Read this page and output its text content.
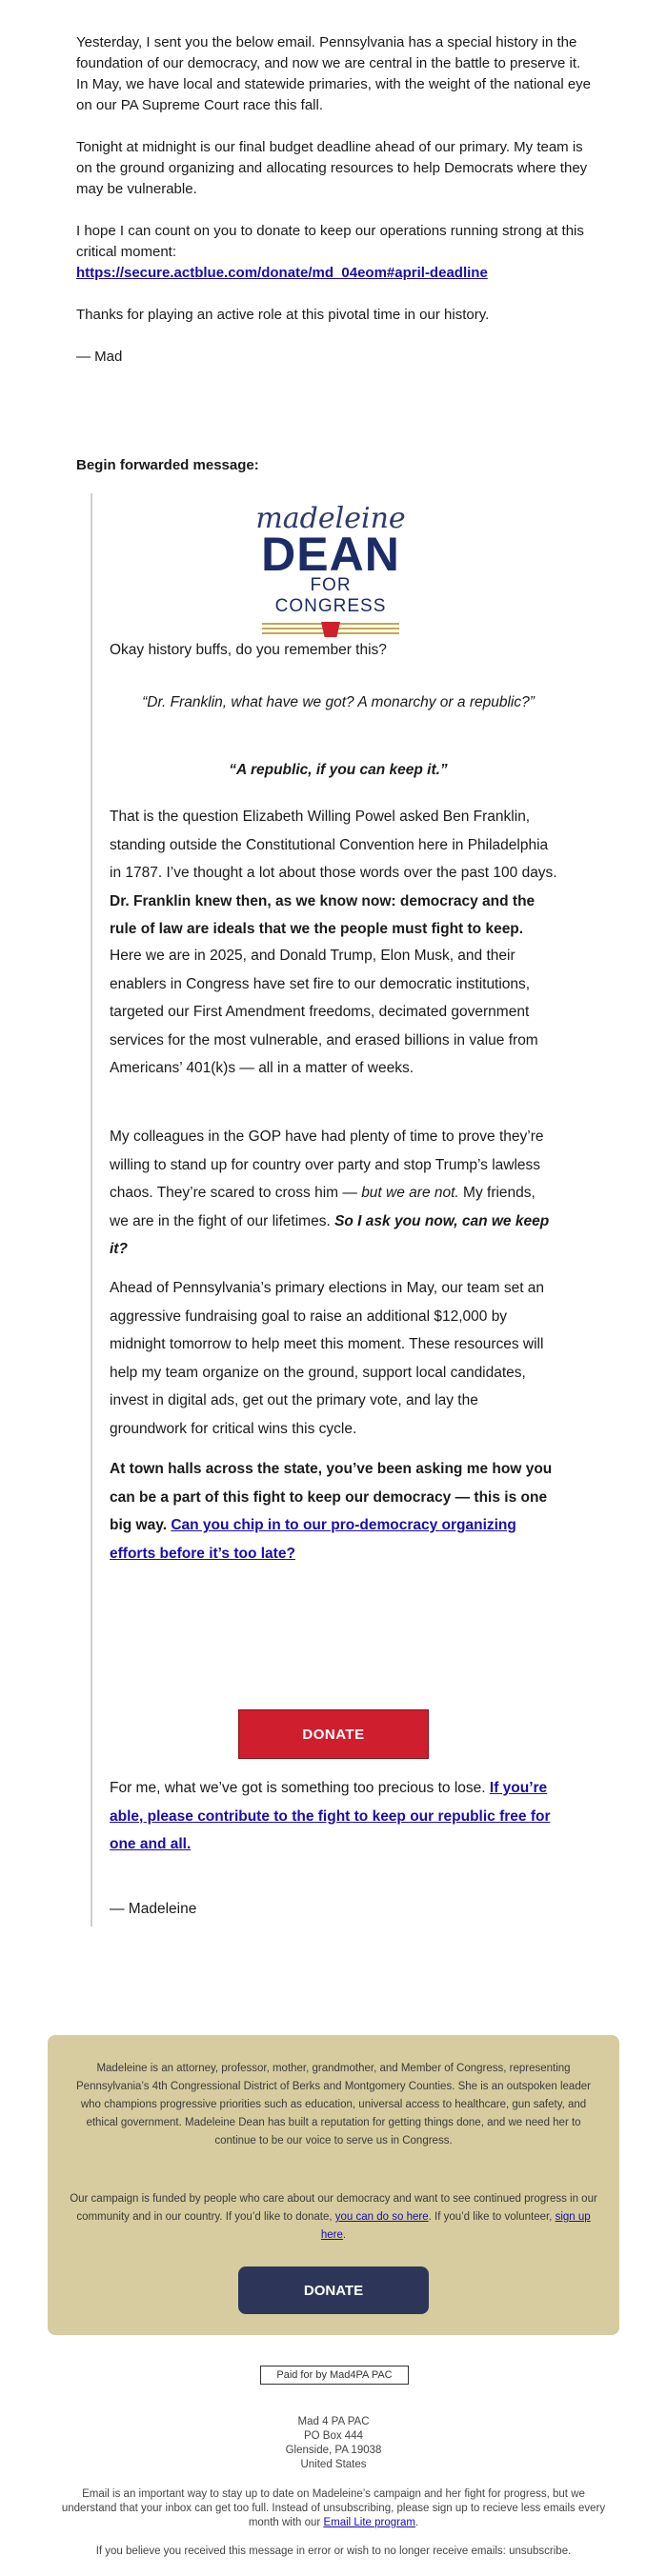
Yesterday, I sent you the below email. Pennsylvania has a special history in the foundation of our democracy, and now we are central in the battle to preserve it. In May, we have local and statewide primaries, with the weight of the national eye on our PA Supreme Court race this fall.

Tonight at midnight is our final budget deadline ahead of our primary. My team is on the ground organizing and allocating resources to help Democrats where they may be vulnerable.

I hope I can count on you to donate to keep our operations running strong at this critical moment:
https://secure.actblue.com/donate/md_04eom#april-deadline

Thanks for playing an active role at this pivotal time in our history.

— Mad

Begin forwarded message:
madeleine
DEAN
FOR CONGRESS
Okay history buffs, do you remember this?
“Dr. Franklin, what have we got? A monarchy or a republic?”
“A republic, if you can keep it.”
That is the question Elizabeth Willing Powel asked Ben Franklin, standing outside the Constitutional Convention here in Philadelphia in 1787. I’ve thought a lot about those words over the past 100 days. Dr. Franklin knew then, as we know now: democracy and the rule of law are ideals that we the people must fight to keep.
Here we are in 2025, and Donald Trump, Elon Musk, and their enablers in Congress have set fire to our democratic institutions, targeted our First Amendment freedoms, decimated government services for the most vulnerable, and erased billions in value from Americans’ 401(k)s — all in a matter of weeks.
My colleagues in the GOP have had plenty of time to prove they’re willing to stand up for country over party and stop Trump’s lawless chaos. They’re scared to cross him — but we are not. My friends, we are in the fight of our lifetimes. So I ask you now, can we keep it?
Ahead of Pennsylvania’s primary elections in May, our team set an aggressive fundraising goal to raise an additional $12,000 by midnight tomorrow to help meet this moment. These resources will help my team organize on the ground, support local candidates, invest in digital ads, get out the primary vote, and lay the groundwork for critical wins this cycle.
At town halls across the state, you’ve been asking me how you can be a part of this fight to keep our democracy — this is one big way. Can you chip in to our pro-democracy organizing efforts before it’s too late?
DONATE
For me, what we’ve got is something too precious to lose. If you’re able, please contribute to the fight to keep our republic free for one and all.
— Madeleine
Madeleine is an attorney, professor, mother, grandmother, and Member of Congress, representing Pennsylvania’s 4th Congressional District of Berks and Montgomery Counties. She is an outspoken leader who champions progressive priorities such as education, universal access to healthcare, gun safety, and ethical government. Madeleine Dean has built a reputation for getting things done, and we need her to continue to be our voice to serve us in Congress.
Our campaign is funded by people who care about our democracy and want to see continued progress in our community and in our country. If you’d like to donate, you can do so here. If you’d like to volunteer, sign up here.
DONATE
Paid for by Mad4PA PAC
Mad 4 PA PAC
PO Box 444
Glenside, PA 19038
United States
Email is an important way to stay up to date on Madeleine’s campaign and her fight for progress, but we understand that your inbox can get too full. Instead of unsubscribing, please sign up to recieve less emails every month with our Email Lite program.
If you believe you received this message in error or wish to no longer receive emails: unsubscribe.
